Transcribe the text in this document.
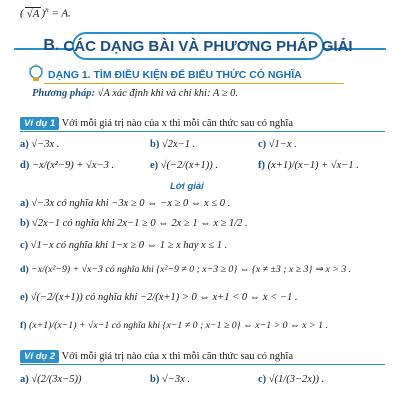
( √A )$^n$ = A.
B. CÁC DẠNG BÀI VÀ PHƯƠNG PHÁP GIẢI
DẠNG 1. TÌM ĐIỀU KIỆN ĐỂ BIỂU THỨC CÓ NGHĨA
Phương pháp: √A xác định khi và chỉ khi: A ≥ 0.
Ví dụ 1 Với mỗi giá trị nào của x thì mỗi căn thức sau có nghĩa
a) √−3x .	b) √2x−1 .	c) √1−x .
d) −x/(x²−9) + √x−3 .	e) √(−2/(x+1)) .	f) (x+1)/(x−1) + √x−1 .
Lời giải
a) √−3x có nghĩa khi −3x ≥ 0 ⇔ −x ≥ 0 ⇔ x ≤ 0 .
b) √2x−1 có nghĩa khi 2x−1 ≥ 0 ⇔ 2x ≥ 1 ⇔ x ≥ 1/2 .
c) √1−x có nghĩa khi 1−x ≥ 0 ⇔ 1 ≥ x hay x ≤ 1 .
d) −x/(x²−9) + √x−3 có nghĩa khi {x²−9 ≠ 0 ; x−3 ≥ 0} ⇔ {x ≠ ±3 ; x ≥ 3} ⇒ x > 3 .
e) √(−2/(x+1)) có nghĩa khi −2/(x+1) > 0 ⇔ x+1 < 0 ⇔ x < −1 .
f) (x+1)/(x−1) + √x−1 có nghĩa khi {x−1 ≠ 0 ; x−1 ≥ 0} ⇔ x−1 > 0 ⇔ x > 1 .
Ví dụ 2 Với mỗi giá trị nào của x thì mỗi căn thức sau có nghĩa
a) √(2/(3x−5))	b) √−3x .	c) √(1/(3−2x)) .
